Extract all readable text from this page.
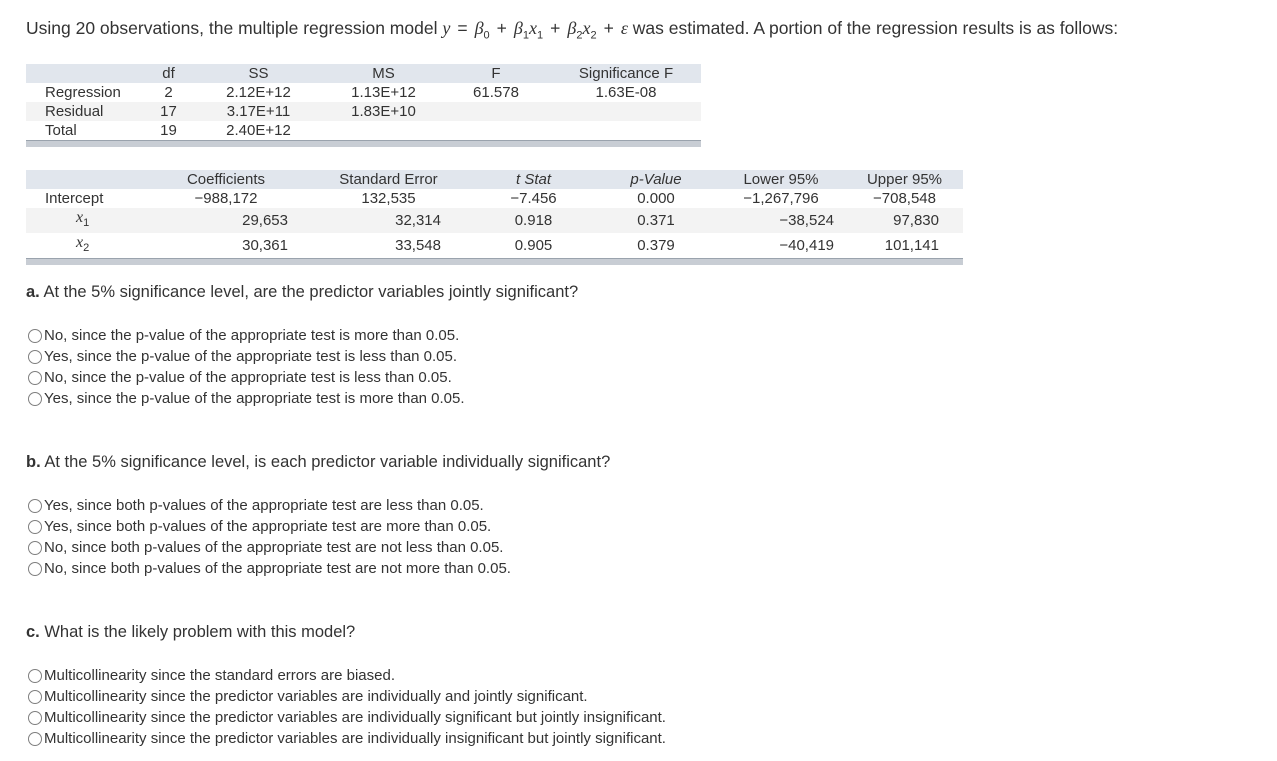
Using 20 observations, the multiple regression model $y = \beta_0 + \beta_1x_1 + \beta_2x_2 + \varepsilon$ was estimated. A portion of the regression results is as follows:
	df	SS	MS	F	Significance F
Regression	2	2.12E+12	1.13E+12	61.578	1.63E-08
Residual	17	3.17E+11	1.83E+10		
Total	19	2.40E+12			

	Coefficients	Standard Error	t Stat	p-Value	Lower 95%	Upper 95%
Intercept	−988,172	132,535	−7.456	0.000	−1,267,796	−708,548
$x_1$	29,653	32,314	0.918	0.371	−38,524	97,830
$x_2$	30,361	33,548	0.905	0.379	−40,419	101,141

a. At the 5% significance level, are the predictor variables jointly significant?
No, since the p-value of the appropriate test is more than 0.05.
Yes, since the p-value of the appropriate test is less than 0.05.
No, since the p-value of the appropriate test is less than 0.05.
Yes, since the p-value of the appropriate test is more than 0.05.
b. At the 5% significance level, is each predictor variable individually significant?
Yes, since both p-values of the appropriate test are less than 0.05.
Yes, since both p-values of the appropriate test are more than 0.05.
No, since both p-values of the appropriate test are not less than 0.05.
No, since both p-values of the appropriate test are not more than 0.05.
c. What is the likely problem with this model?
Multicollinearity since the standard errors are biased.
Multicollinearity since the predictor variables are individually and jointly significant.
Multicollinearity since the predictor variables are individually significant but jointly insignificant.
Multicollinearity since the predictor variables are individually insignificant but jointly significant.
